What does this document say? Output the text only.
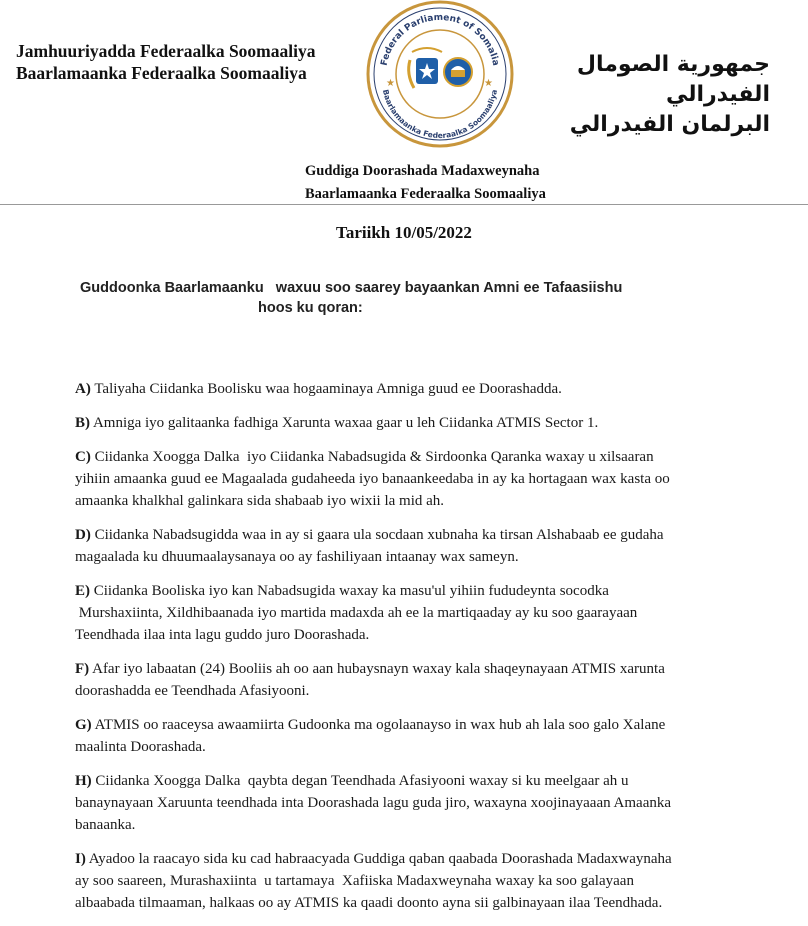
Jamhuuriyadda Federaalka Soomaaliya
Baarlamaanka Federaalka Soomaaliya
Federal Parliament of Somalia
Baarlamaanka Federaalka Soomaaliya
★	★
جمهورية الصومال الفيدرالي
البرلمان الفيدرالي
Guddiga Doorashada Madaxweynaha
Baarlamaanka Federaalka Soomaaliya
Tariikh 10/05/2022
Guddoonka Baarlamaanku   waxuu soo saarey bayaankan Amni ee Tafaasiishu
hoos ku qoran:
A) Taliyaha Ciidanka Boolisku waa hogaaminaya Amniga guud ee Doorashadda.
B) Amniga iyo galitaanka fadhiga Xarunta waxaa gaar u leh Ciidanka ATMIS Sector 1.
C) Ciidanka Xoogga Dalka  iyo Ciidanka Nabadsugida & Sirdoonka Qaranka waxay u xilsaaran
yihiin amaanka guud ee Magaalada gudaheeda iyo banaankeedaba in ay ka hortagaan wax kasta oo
amaanka khalkhal galinkara sida shabaab iyo wixii la mid ah.
D) Ciidanka Nabadsugidda waa in ay si gaara ula socdaan xubnaha ka tirsan Alshabaab ee gudaha
magaalada ku dhuumaalaysanaya oo ay fashiliyaan intaanay wax sameyn.
E) Ciidanka Booliska iyo kan Nabadsugida waxay ka masu'ul yihiin fududeynta socodka
Murshaxiinta, Xildhibaanada iyo martida madaxda ah ee la martiqaaday ay ku soo gaarayaan
Teendhada ilaa inta lagu guddo juro Doorashada.
F) Afar iyo labaatan (24) Booliis ah oo aan hubaysnayn waxay kala shaqeynayaan ATMIS xarunta
doorashadda ee Teendhada Afasiyooni.
G) ATMIS oo raaceysa awaamiirta Gudoonka ma ogolaanayso in wax hub ah lala soo galo Xalane
maalinta Doorashada.
H) Ciidanka Xoogga Dalka  qaybta degan Teendhada Afasiyooni waxay si ku meelgaar ah u
banaynayaan Xaruunta teendhada inta Doorashada lagu guda jiro, waxayna xoojinayaaan Amaanka
banaanka.
I) Ayadoo la raacayo sida ku cad habraacyada Guddiga qaban qaabada Doorashada Madaxwaynaha
ay soo saareen, Murashaxiinta  u tartamaya  Xafiiska Madaxweynaha waxay ka soo galayaan
albaabada tilmaaman, halkaas oo ay ATMIS ka qaadi doonto ayna sii galbinayaan ilaa Teendhada.
